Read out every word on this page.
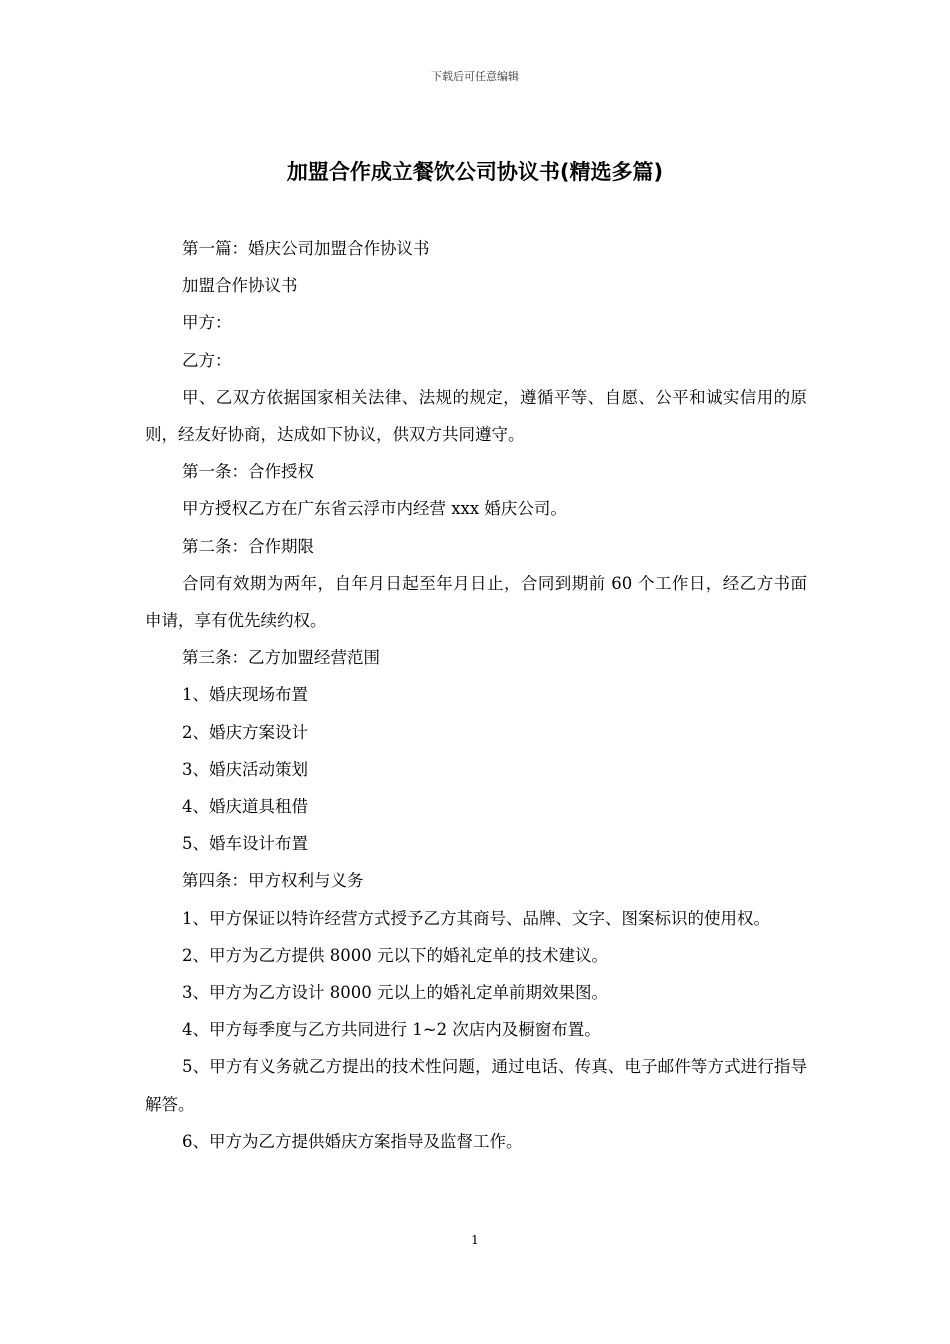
下载后可任意编辑
加盟合作成立餐饮公司协议书(精选多篇)

第一篇：婚庆公司加盟合作协议书

加盟合作协议书

甲方：

乙方：

甲、乙双方依据国家相关法律、法规的规定，遵循平等、自愿、公平和诚实信用的原则，经友好协商，达成如下协议，供双方共同遵守。

第一条：合作授权

甲方授权乙方在广东省云浮市内经营 xxx 婚庆公司。

第二条：合作期限

合同有效期为两年，自年月日起至年月日止，合同到期前 60 个工作日，经乙方书面申请，享有优先续约权。

第三条：乙方加盟经营范围

1、婚庆现场布置

2、婚庆方案设计

3、婚庆活动策划

4、婚庆道具租借

5、婚车设计布置

第四条：甲方权利与义务

1、甲方保证以特许经营方式授予乙方其商号、品牌、文字、图案标识的使用权。

2、甲方为乙方提供 8000 元以下的婚礼定单的技术建议。

3、甲方为乙方设计 8000 元以上的婚礼定单前期效果图。

4、甲方每季度与乙方共同进行 1~2 次店内及橱窗布置。

5、甲方有义务就乙方提出的技术性问题，通过电话、传真、电子邮件等方式进行指导解答。

6、甲方为乙方提供婚庆方案指导及监督工作。

1
